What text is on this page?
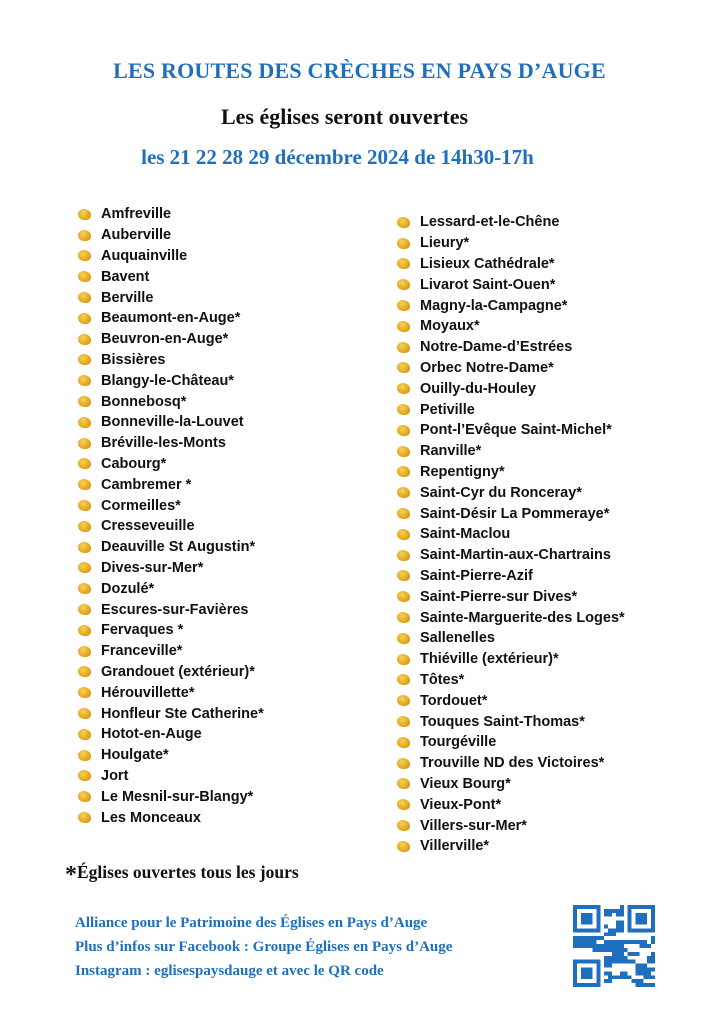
LES ROUTES DES CRÈCHES EN PAYS D’AUGE
Les églises seront ouvertes
les 21 22 28 29 décembre 2024 de 14h30-17h
Amfreville
Auberville
Auquainville
Bavent
Berville
Beaumont-en-Auge*
Beuvron-en-Auge*
Bissières
Blangy-le-Château*
Bonnebosq*
Bonneville-la-Louvet
Bréville-les-Monts
Cabourg*
Cambremer *
Cormeilles*
Cresseveuille
Deauville St Augustin*
Dives-sur-Mer*
Dozulé*
Escures-sur-Favières
Fervaques *
Franceville*
Grandouet (extérieur)*
Hérouvillette*
Honfleur Ste Catherine*
Hotot-en-Auge
Houlgate*
Jort
Le Mesnil-sur-Blangy*
Les Monceaux
Lessard-et-le-Chêne
Lieury*
Lisieux Cathédrale*
Livarot Saint-Ouen*
Magny-la-Campagne*
Moyaux*
Notre-Dame-d’Estrées
Orbec Notre-Dame*
Ouilly-du-Houley
Petiville
Pont-l’Evêque Saint-Michel*
Ranville*
Repentigny*
Saint-Cyr du Ronceray*
Saint-Désir La Pommeraye*
Saint-Maclou
Saint-Martin-aux-Chartrains
Saint-Pierre-Azif
Saint-Pierre-sur Dives*
Sainte-Marguerite-des Loges*
Sallenelles
Thiéville (extérieur)*
Tôtes*
Tordouet*
Touques Saint-Thomas*
Tourgéville
Trouville ND des Victoires*
Vieux Bourg*
Vieux-Pont*
Villers-sur-Mer*
Villerville*
*Églises ouvertes tous les jours
Alliance pour le Patrimoine des Églises en Pays d’Auge
Plus d’infos sur Facebook : Groupe Églises en Pays d’Auge
Instagram : eglisespaysdauge et avec le QR code
